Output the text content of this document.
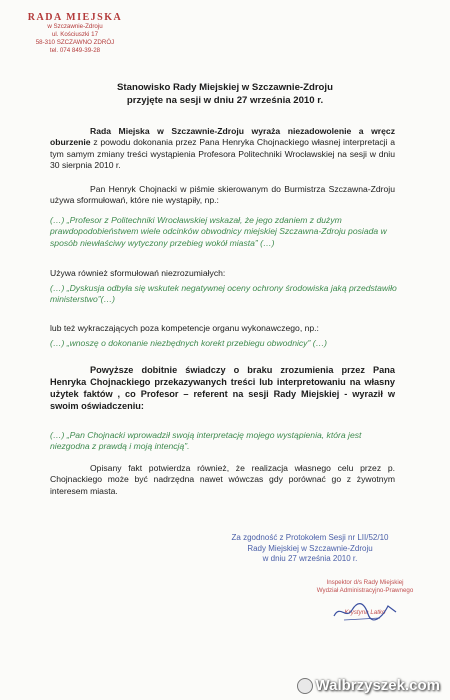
RADA MIEJSKA
w Szczawnie-Zdroju
ul. Kościuszki 17
58-310 SZCZAWNO ZDRÓJ
tel. 074 849-39-28
Stanowisko Rady Miejskiej w Szczawnie-Zdroju
przyjęte na sesji w dniu 27 września 2010 r.
Rada Miejska w Szczawnie-Zdroju wyraża niezadowolenie a wręcz oburzenie z powodu dokonania przez Pana Henryka Chojnackiego własnej interpretacji a tym samym zmiany treści wystąpienia Profesora Politechniki Wrocławskiej na sesji w dniu 30 sierpnia 2010 r.
Pan Henryk Chojnacki w piśmie skierowanym do Burmistrza Szczawna-Zdroju używa sformułowań, które nie wystąpiły, np.:
(…) „Profesor z Politechniki Wrocławskiej wskazał, że jego zdaniem z dużym prawdopodobieństwem wiele odcinków obwodnicy miejskiej Szczawna-Zdroju posiada w sposób niewłaściwy wytyczony przebieg wokół miasta” (…)
Używa również sformułowań niezrozumiałych:
(…) „Dyskusja odbyła się wskutek negatywnej oceny ochrony środowiska jaką przedstawiło ministerstwo”(…)
lub też wykraczających poza kompetencje organu wykonawczego, np.:
(…) „wnoszę o dokonanie niezbędnych korekt przebiegu obwodnicy” (…)
Powyższe dobitnie świadczy o braku zrozumienia przez Pana Henryka Chojnackiego przekazywanych treści lub interpretowaniu na własny użytek faktów , co Profesor – referent na sesji Rady Miejskiej - wyraził w swoim oświadczeniu:
(…) „Pan Chojnacki wprowadził swoją interpretację mojego wystąpienia, która jest niezgodna z prawdą i moją intencją”.
Opisany fakt potwierdza również, że realizacja własnego celu przez p. Chojnackiego może być nadrzędna nawet wówczas gdy porównać go z żywotnym interesem miasta.
Za zgodność z Protokołem Sesji nr LII/52/10
Rady Miejskiej w Szczawnie-Zdroju
w dniu 27 września 2010 r.
Inspektor d/s Rady Miejskiej
Wydział Administracyjno-Prawnego
Krystyna Latko
Walbrzyszek.com
